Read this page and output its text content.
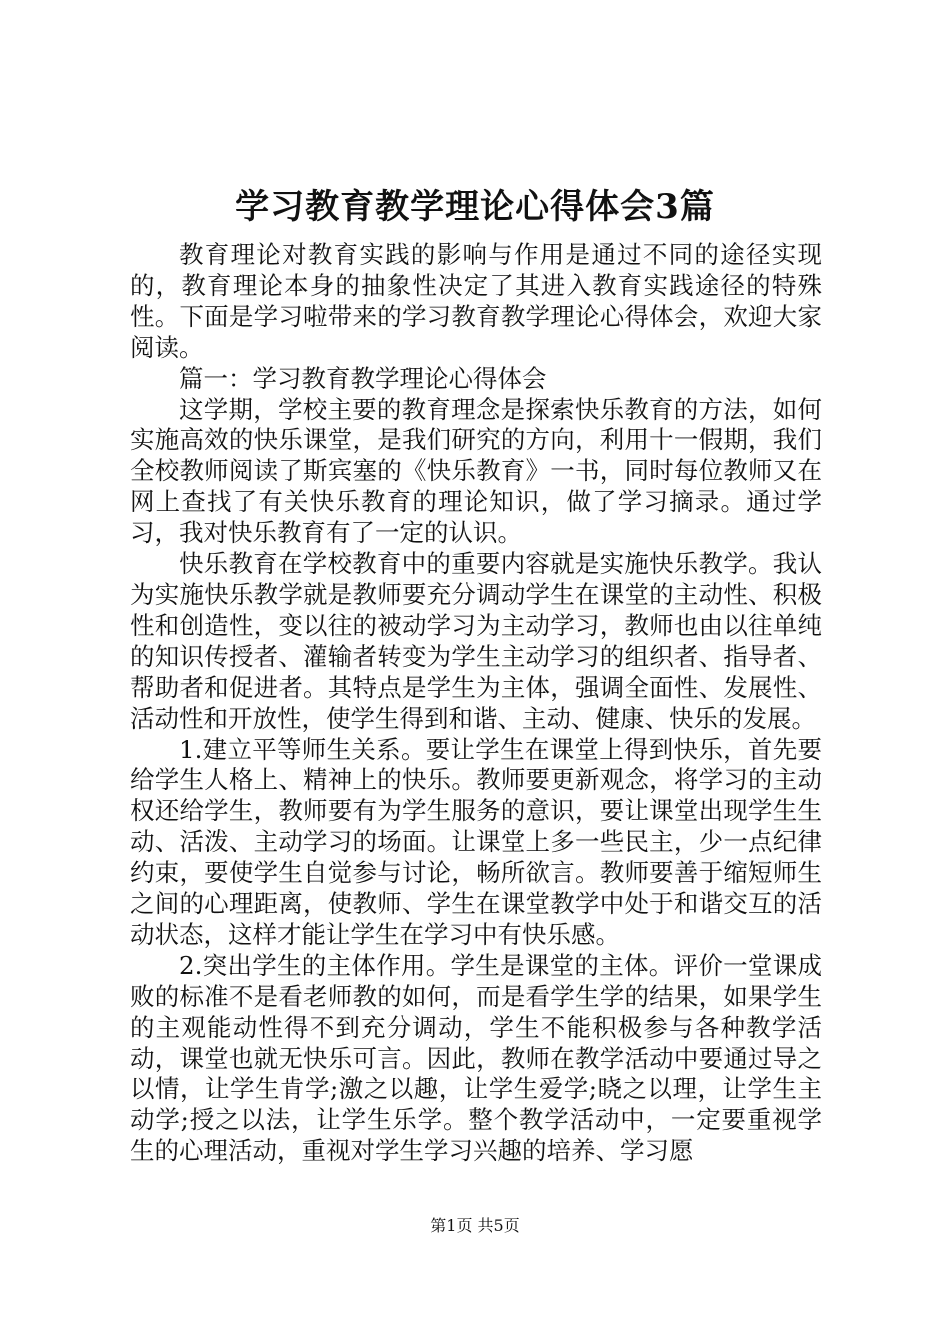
学习教育教学理论心得体会3篇

教育理论对教育实践的影响与作用是通过不同的途径实现的，教育理论本身的抽象性决定了其进入教育实践途径的特殊性。下面是学习啦带来的学习教育教学理论心得体会，欢迎大家阅读。

篇一：学习教育教学理论心得体会

这学期，学校主要的教育理念是探索快乐教育的方法，如何实施高效的快乐课堂，是我们研究的方向，利用十一假期，我们全校教师阅读了斯宾塞的《快乐教育》一书，同时每位教师又在网上查找了有关快乐教育的理论知识，做了学习摘录。通过学习，我对快乐教育有了一定的认识。

快乐教育在学校教育中的重要内容就是实施快乐教学。我认为实施快乐教学就是教师要充分调动学生在课堂的主动性、积极性和创造性，变以往的被动学习为主动学习，教师也由以往单纯的知识传授者、灌输者转变为学生主动学习的组织者、指导者、帮助者和促进者。其特点是学生为主体，强调全面性、发展性、活动性和开放性，使学生得到和谐、主动、健康、快乐的发展。

1.建立平等师生关系。要让学生在课堂上得到快乐，首先要给学生人格上、精神上的快乐。教师要更新观念，将学习的主动权还给学生，教师要有为学生服务的意识，要让课堂出现学生生动、活泼、主动学习的场面。让课堂上多一些民主，少一点纪律约束，要使学生自觉参与讨论，畅所欲言。教师要善于缩短师生之间的心理距离，使教师、学生在课堂教学中处于和谐交互的活动状态，这样才能让学生在学习中有快乐感。

2.突出学生的主体作用。学生是课堂的主体。评价一堂课成败的标准不是看老师教的如何，而是看学生学的结果，如果学生的主观能动性得不到充分调动，学生不能积极参与各种教学活动，课堂也就无快乐可言。因此，教师在教学活动中要通过导之以情，让学生肯学;激之以趣，让学生爱学;晓之以理，让学生主动学;授之以法，让学生乐学。整个教学活动中，一定要重视学生的心理活动，重视对学生学习兴趣的培养、学习愿

第1页 共5页
